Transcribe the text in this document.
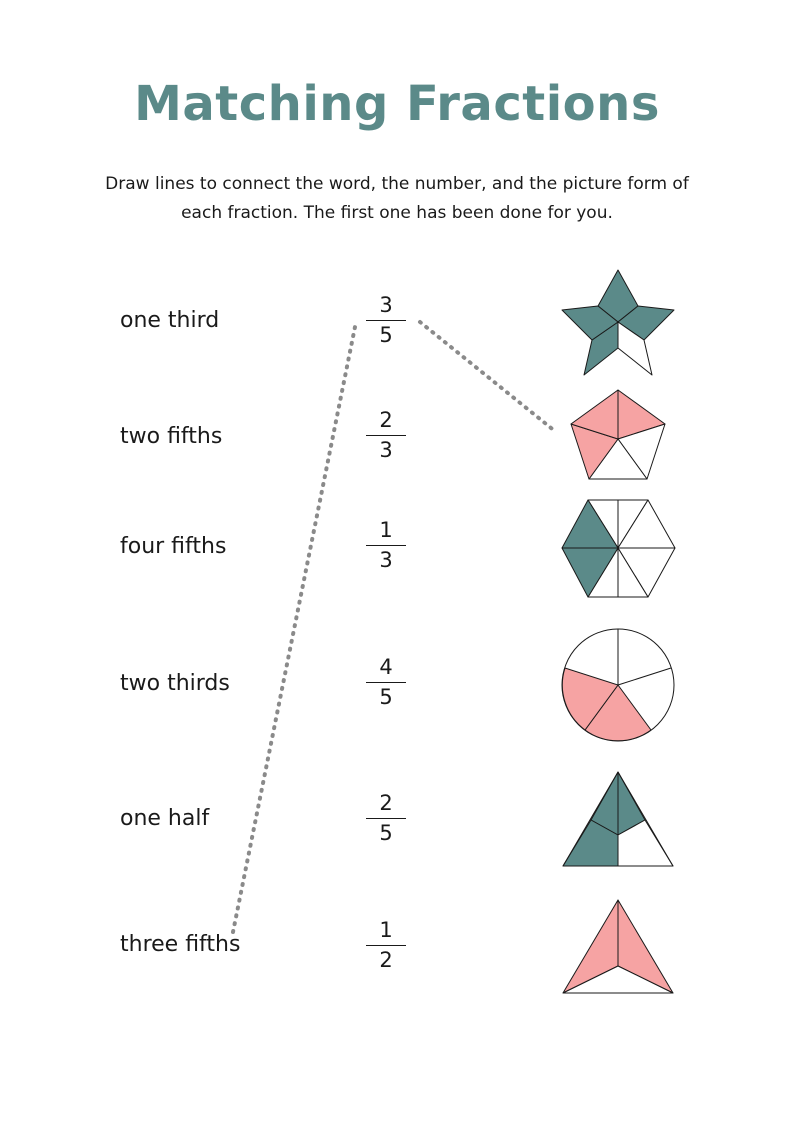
Matching Fractions
Draw lines to connect the word, the number, and the picture form of
each fraction. The first one has been done for you.
one third
two fifths
four fifths
two thirds
one half
three fifths
3
5
2
3
1
3
4
5
2
5
1
2
